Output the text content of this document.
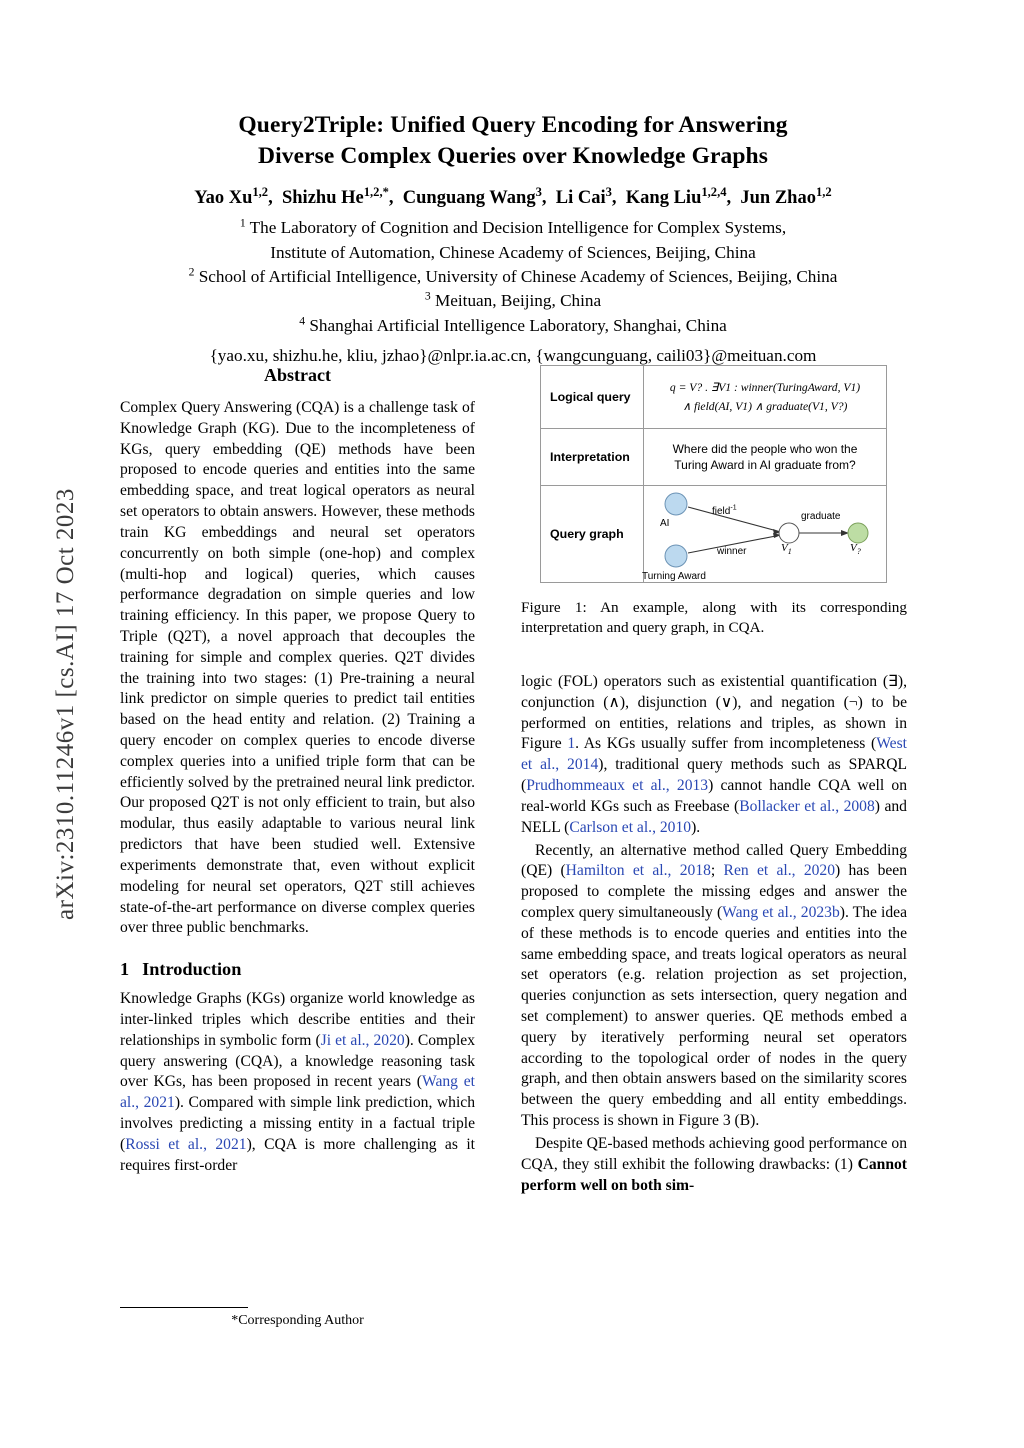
arXiv:2310.11246v1 [cs.AI] 17 Oct 2023
Query2Triple: Unified Query Encoding for Answering
Diverse Complex Queries over Knowledge Graphs
Yao Xu$^{1,2}$,  Shizhu $He^{1,2,*}$,  Cunguang Wang$^3$,  Li Cai$^3$,  Kang Liu$^{1,2,4}$,  Jun Zhao$^{1,2}$
$^1$ The Laboratory of Cognition and Decision Intelligence for Complex Systems,
Institute of Automation, Chinese Academy of Sciences, Beijing, China
$^2$ School of Artificial Intelligence, University of Chinese Academy of Sciences, Beijing, China
$^3$ Meituan, Beijing, China
$^4$ Shanghai Artificial Intelligence Laboratory, Shanghai, China
{yao.xu, shizhu.he, kliu, jzhao}@nlpr.ia.ac.cn, {wangcunguang, caili03}@meituan.com
Abstract

Complex Query Answering (CQA) is a challenge task of Knowledge Graph (KG). Due to the incompleteness of KGs, query embedding (QE) methods have been proposed to encode queries and entities into the same embedding space, and treat logical operators as neural set operators to obtain answers. However, these methods train KG embeddings and neural set operators concurrently on both simple (one-hop) and complex (multi-hop and logical) queries, which causes performance degradation on simple queries and low training efficiency. In this paper, we propose Query to Triple (Q2T), a novel approach that decouples the training for simple and complex queries. Q2T divides the training into two stages: (1) Pre-training a neural link predictor on simple queries to predict tail entities based on the head entity and relation. (2) Training a query encoder on complex queries to encode diverse complex queries into a unified triple form that can be efficiently solved by the pretrained neural link predictor. Our proposed Q2T is not only efficient to train, but also modular, thus easily adaptable to various neural link predictors that have been studied well. Extensive experiments demonstrate that, even without explicit modeling for neural set operators, Q2T still achieves state-of-the-art performance on diverse complex queries over three public benchmarks.

1 Introduction

Knowledge Graphs (KGs) organize world knowledge as inter-linked triples which describe entities and their relationships in symbolic form (Ji et al., 2020). Complex query answering (CQA), a knowledge reasoning task over KGs, has been proposed in recent years (Wang et al., 2021). Compared with simple link prediction, which involves predicting a missing entity in a factual triple (Rossi et al., 2021), CQA is more challenging as it requires first-order

Logical query
q = V? . ∃V1 : winner(TuringAward, V1)
∧ field(AI, V1) ∧ graduate(V1, V?)
Interpretation
Where did the people who won the
Turing Award in AI graduate from?
Query graph
AI
Turning Award
field$^{-1}$
winner
graduate
$V_1$	$V_?$
Figure 1: An example, along with its corresponding interpretation and query graph, in CQA.

logic (FOL) operators such as existential quantification (∃), conjunction (∧), disjunction (∨), and negation (¬) to be performed on entities, relations and triples, as shown in Figure 1. As KGs usually suffer from incompleteness (West et al., 2014), traditional query methods such as SPARQL (Prudhommeaux et al., 2013) cannot handle CQA well on real-world KGs such as Freebase (Bollacker et al., 2008) and NELL (Carlson et al., 2010).

Recently, an alternative method called Query Embedding (QE) (Hamilton et al., 2018; Ren et al., 2020) has been proposed to complete the missing edges and answer the complex query simultaneously (Wang et al., 2023b). The idea of these methods is to encode queries and entities into the same embedding space, and treats logical operators as neural set operators (e.g. relation projection as set projection, queries conjunction as sets intersection, query negation and set complement) to answer queries. QE methods embed a query by iteratively performing neural set operators according to the topological order of nodes in the query graph, and then obtain answers based on the similarity scores between the query embedding and all entity embeddings. This process is shown in Figure 3 (B).

Despite QE-based methods achieving good performance on CQA, they still exhibit the following drawbacks: (1) Cannot perform well on both sim-

*Corresponding Author
